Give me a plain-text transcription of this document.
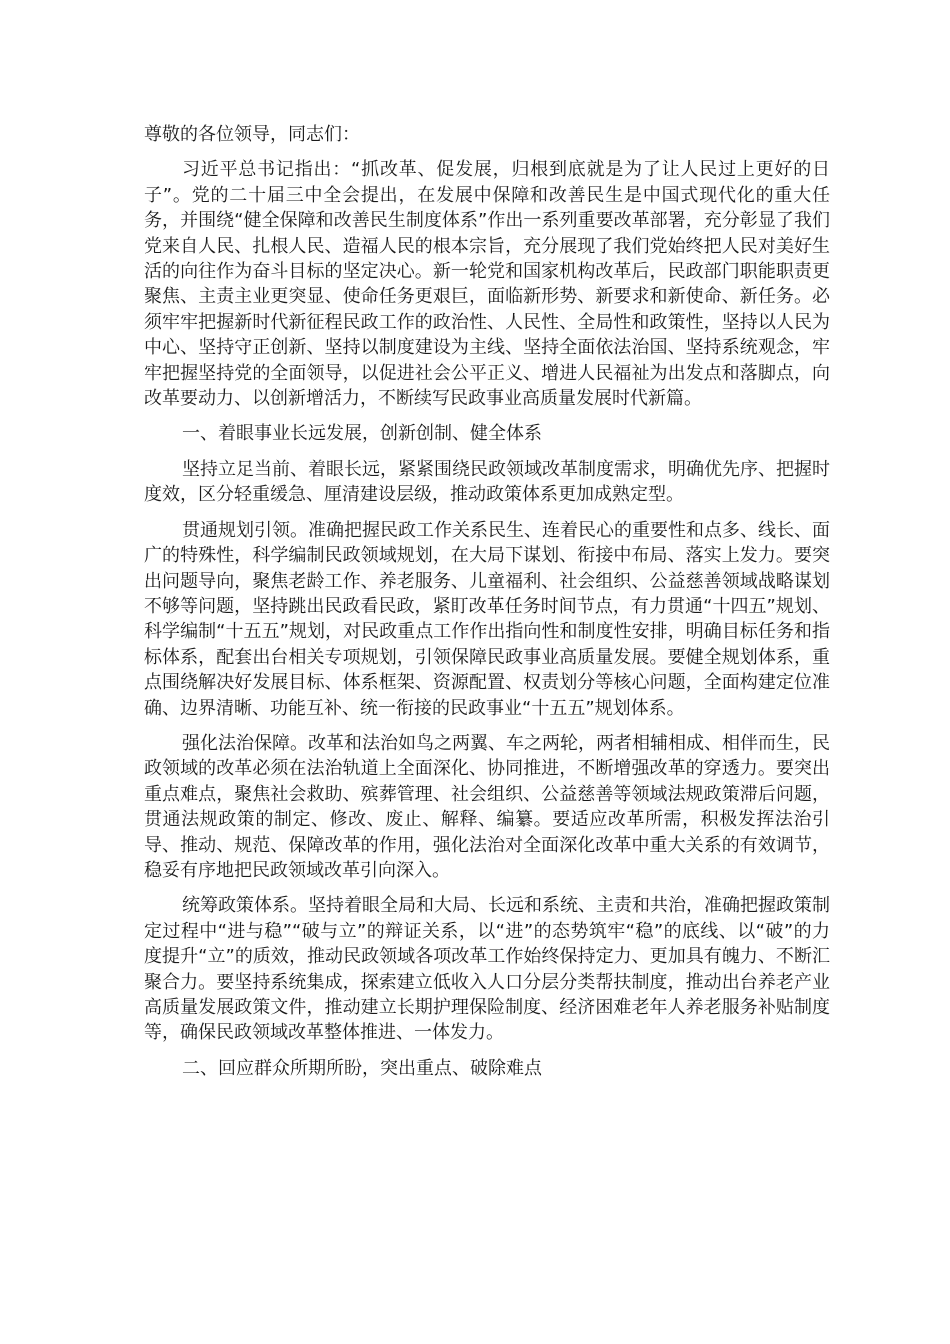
尊敬的各位领导，同志们：

习近平总书记指出：“抓改革、促发展，归根到底就是为了让人民过上更好的日子”。党的二十届三中全会提出，在发展中保障和改善民生是中国式现代化的重大任务，并围绕“健全保障和改善民生制度体系”作出一系列重要改革部署，充分彰显了我们党来自人民、扎根人民、造福人民的根本宗旨，充分展现了我们党始终把人民对美好生活的向往作为奋斗目标的坚定决心。新一轮党和国家机构改革后，民政部门职能职责更聚焦、主责主业更突显、使命任务更艰巨，面临新形势、新要求和新使命、新任务。必须牢牢把握新时代新征程民政工作的政治性、人民性、全局性和政策性，坚持以人民为中心、坚持守正创新、坚持以制度建设为主线、坚持全面依法治国、坚持系统观念，牢牢把握坚持党的全面领导，以促进社会公平正义、增进人民福祉为出发点和落脚点，向改革要动力、以创新增活力，不断续写民政事业高质量发展时代新篇。

一、着眼事业长远发展，创新创制、健全体系

坚持立足当前、着眼长远，紧紧围绕民政领域改革制度需求，明确优先序、把握时度效，区分轻重缓急、厘清建设层级，推动政策体系更加成熟定型。

贯通规划引领。准确把握民政工作关系民生、连着民心的重要性和点多、线长、面广的特殊性，科学编制民政领域规划，在大局下谋划、衔接中布局、落实上发力。要突出问题导向，聚焦老龄工作、养老服务、儿童福利、社会组织、公益慈善领域战略谋划不够等问题，坚持跳出民政看民政，紧盯改革任务时间节点，有力贯通“十四五”规划、科学编制“十五五”规划，对民政重点工作作出指向性和制度性安排，明确目标任务和指标体系，配套出台相关专项规划，引领保障民政事业高质量发展。要健全规划体系，重点围绕解决好发展目标、体系框架、资源配置、权责划分等核心问题，全面构建定位准确、边界清晰、功能互补、统一衔接的民政事业“十五五”规划体系。

强化法治保障。改革和法治如鸟之两翼、车之两轮，两者相辅相成、相伴而生，民政领域的改革必须在法治轨道上全面深化、协同推进，不断增强改革的穿透力。要突出重点难点，聚焦社会救助、殡葬管理、社会组织、公益慈善等领域法规政策滞后问题，贯通法规政策的制定、修改、废止、解释、编纂。要适应改革所需，积极发挥法治引导、推动、规范、保障改革的作用，强化法治对全面深化改革中重大关系的有效调节，稳妥有序地把民政领域改革引向深入。

统筹政策体系。坚持着眼全局和大局、长远和系统、主责和共治，准确把握政策制定过程中“进与稳”“破与立”的辩证关系，以“进”的态势筑牢“稳”的底线、以“破”的力度提升“立”的质效，推动民政领域各项改革工作始终保持定力、更加具有魄力、不断汇聚合力。要坚持系统集成，探索建立低收入人口分层分类帮扶制度，推动出台养老产业高质量发展政策文件，推动建立长期护理保险制度、经济困难老年人养老服务补贴制度等，确保民政领域改革整体推进、一体发力。

二、回应群众所期所盼，突出重点、破除难点
